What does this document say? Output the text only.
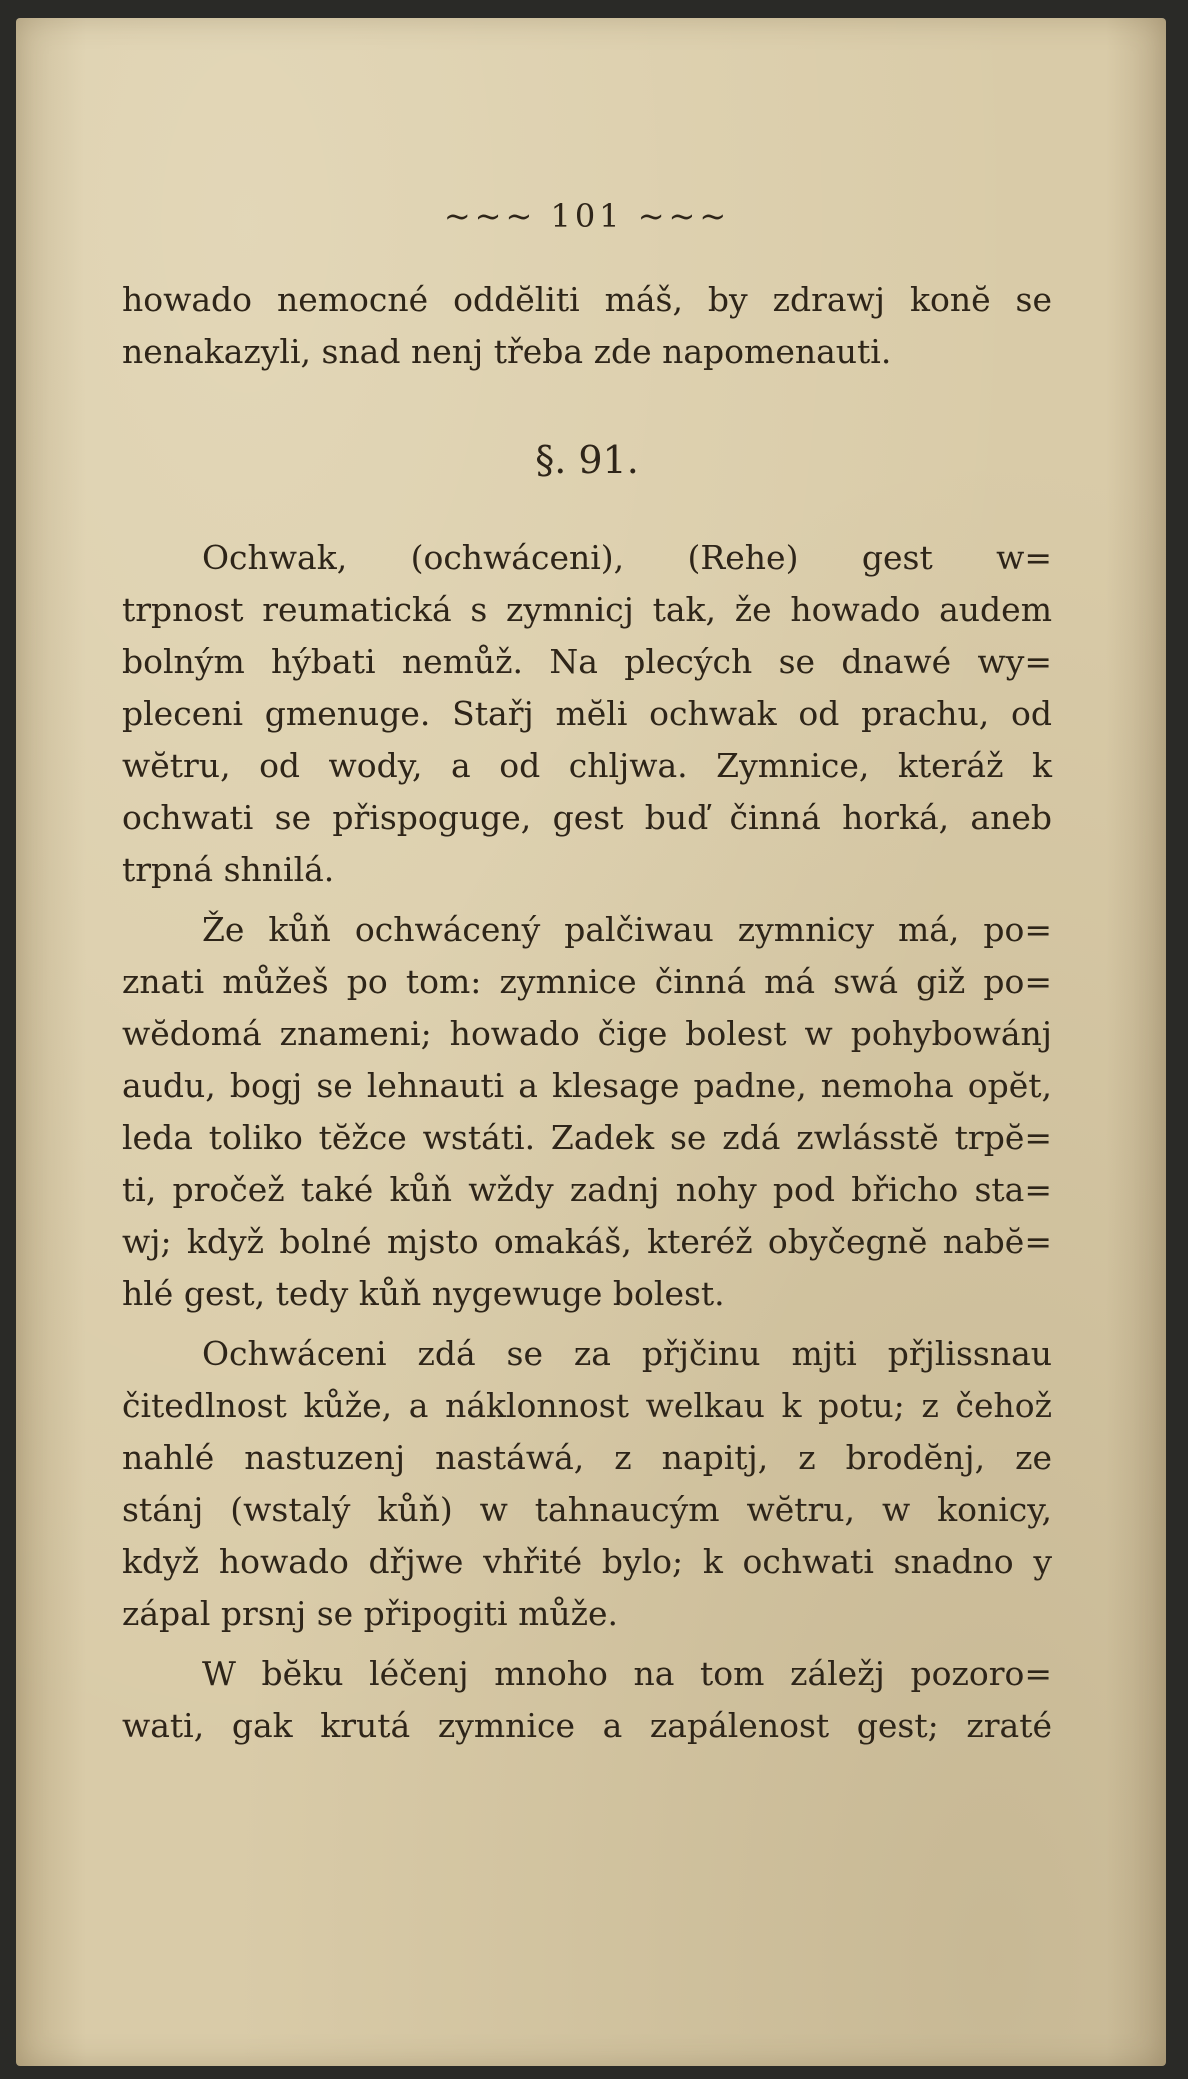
~~~ 101 ~~~
howado nemocné oddĕliti máš, by zdrawj konĕ se
nenakazyli, snad nenj třeba zde napomenauti.
§. 91.
Ochwak, (ochwáceni), (Rehe) gest w=
trpnost reumatická s zymnicj tak, že howado audem
bolným hýbati nemůž. Na plecých se dnawé wy=
pleceni gmenuge. Stařj mĕli ochwak od prachu, od
wĕtru, od wody, a od chljwa. Zymnice, kteráž k
ochwati se přispoguge, gest buď činná horká, aneb
trpná shnilá.
Že kůň ochwácený palčiwau zymnicy má, po=
znati můžeš po tom: zymnice činná má swá giž po=
wĕdomá znameni; howado čige bolest w pohybowánj
audu, bogj se lehnauti a klesage padne, nemoha opĕt,
leda toliko tĕžce wstáti. Zadek se zdá zwlásstĕ trpĕ=
ti, pročež také kůň wždy zadnj nohy pod břicho sta=
wj; když bolné mjsto omakáš, kteréž obyčegnĕ nabĕ=
hlé gest, tedy kůň nygewuge bolest.
Ochwáceni zdá se za přjčinu mjti přjlissnau
čitedlnost kůže, a náklonnost welkau k potu; z čehož
nahlé nastuzenj nastáwá, z napitj, z brodĕnj, ze
stánj (wstalý kůň) w tahnaucým wĕtru, w konicy,
když howado dřjwe vhřité bylo; k ochwati snadno y
zápal prsnj se připogiti může.
W bĕku léčenj mnoho na tom záležj pozoro=
wati, gak krutá zymnice a zapálenost gest; zraté
